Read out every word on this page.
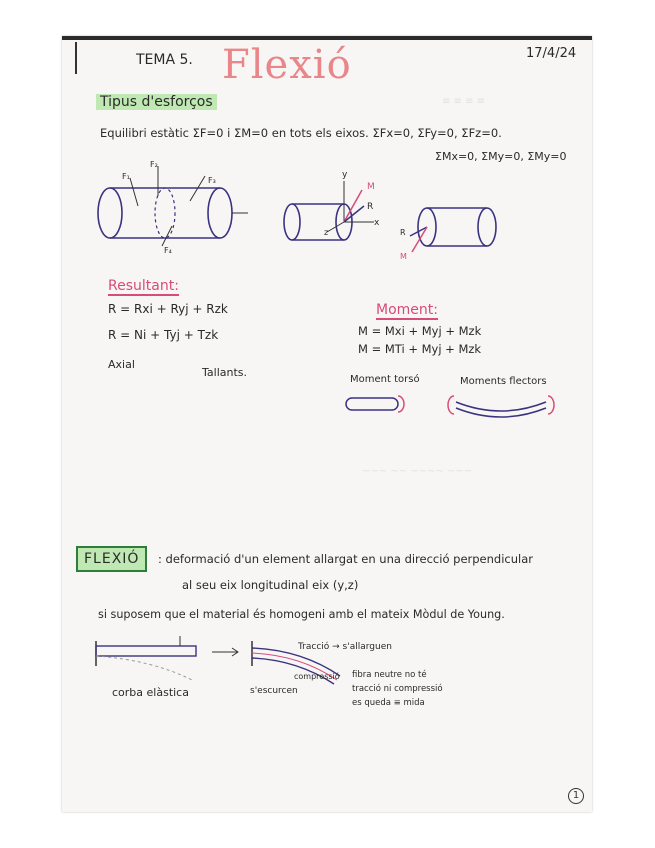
≡ ≡ ≡ ≡
~~~ ~~ ~~~~ ~~~
TEMA 5. Flexió	17/4/24
Tipus d'esforços
Equilibri estàtic ΣF=0 i ΣM=0 en tots els eixos. ΣFx=0, ΣFy=0, ΣFz=0.
ΣMx=0, ΣMy=0, ΣMy=0
F₁
F₂
F₃
F₄
y
M
R
x
z	R
M
Resultant:
R = Rxi + Ryj + Rzk
R = Ni + Tyj + Tzk
Axial
Tallants.
Moment:
M = Mxi + Myj + Mzk
M = MTi + Myj + Mzk
Moment torsó	Moments flectors
FLEXIÓ	: deformació d'un element allargat en una direcció perpendicular
al seu eix longitudinal eix (y,z)
si suposem que el material és homogeni amb el mateix Mòdul de Young.
Tracció → s'allarguen
compressió
s'escurcen
corba elàstica
fibra neutre no té
tracció ni compressió
es queda ≡ mida
1
